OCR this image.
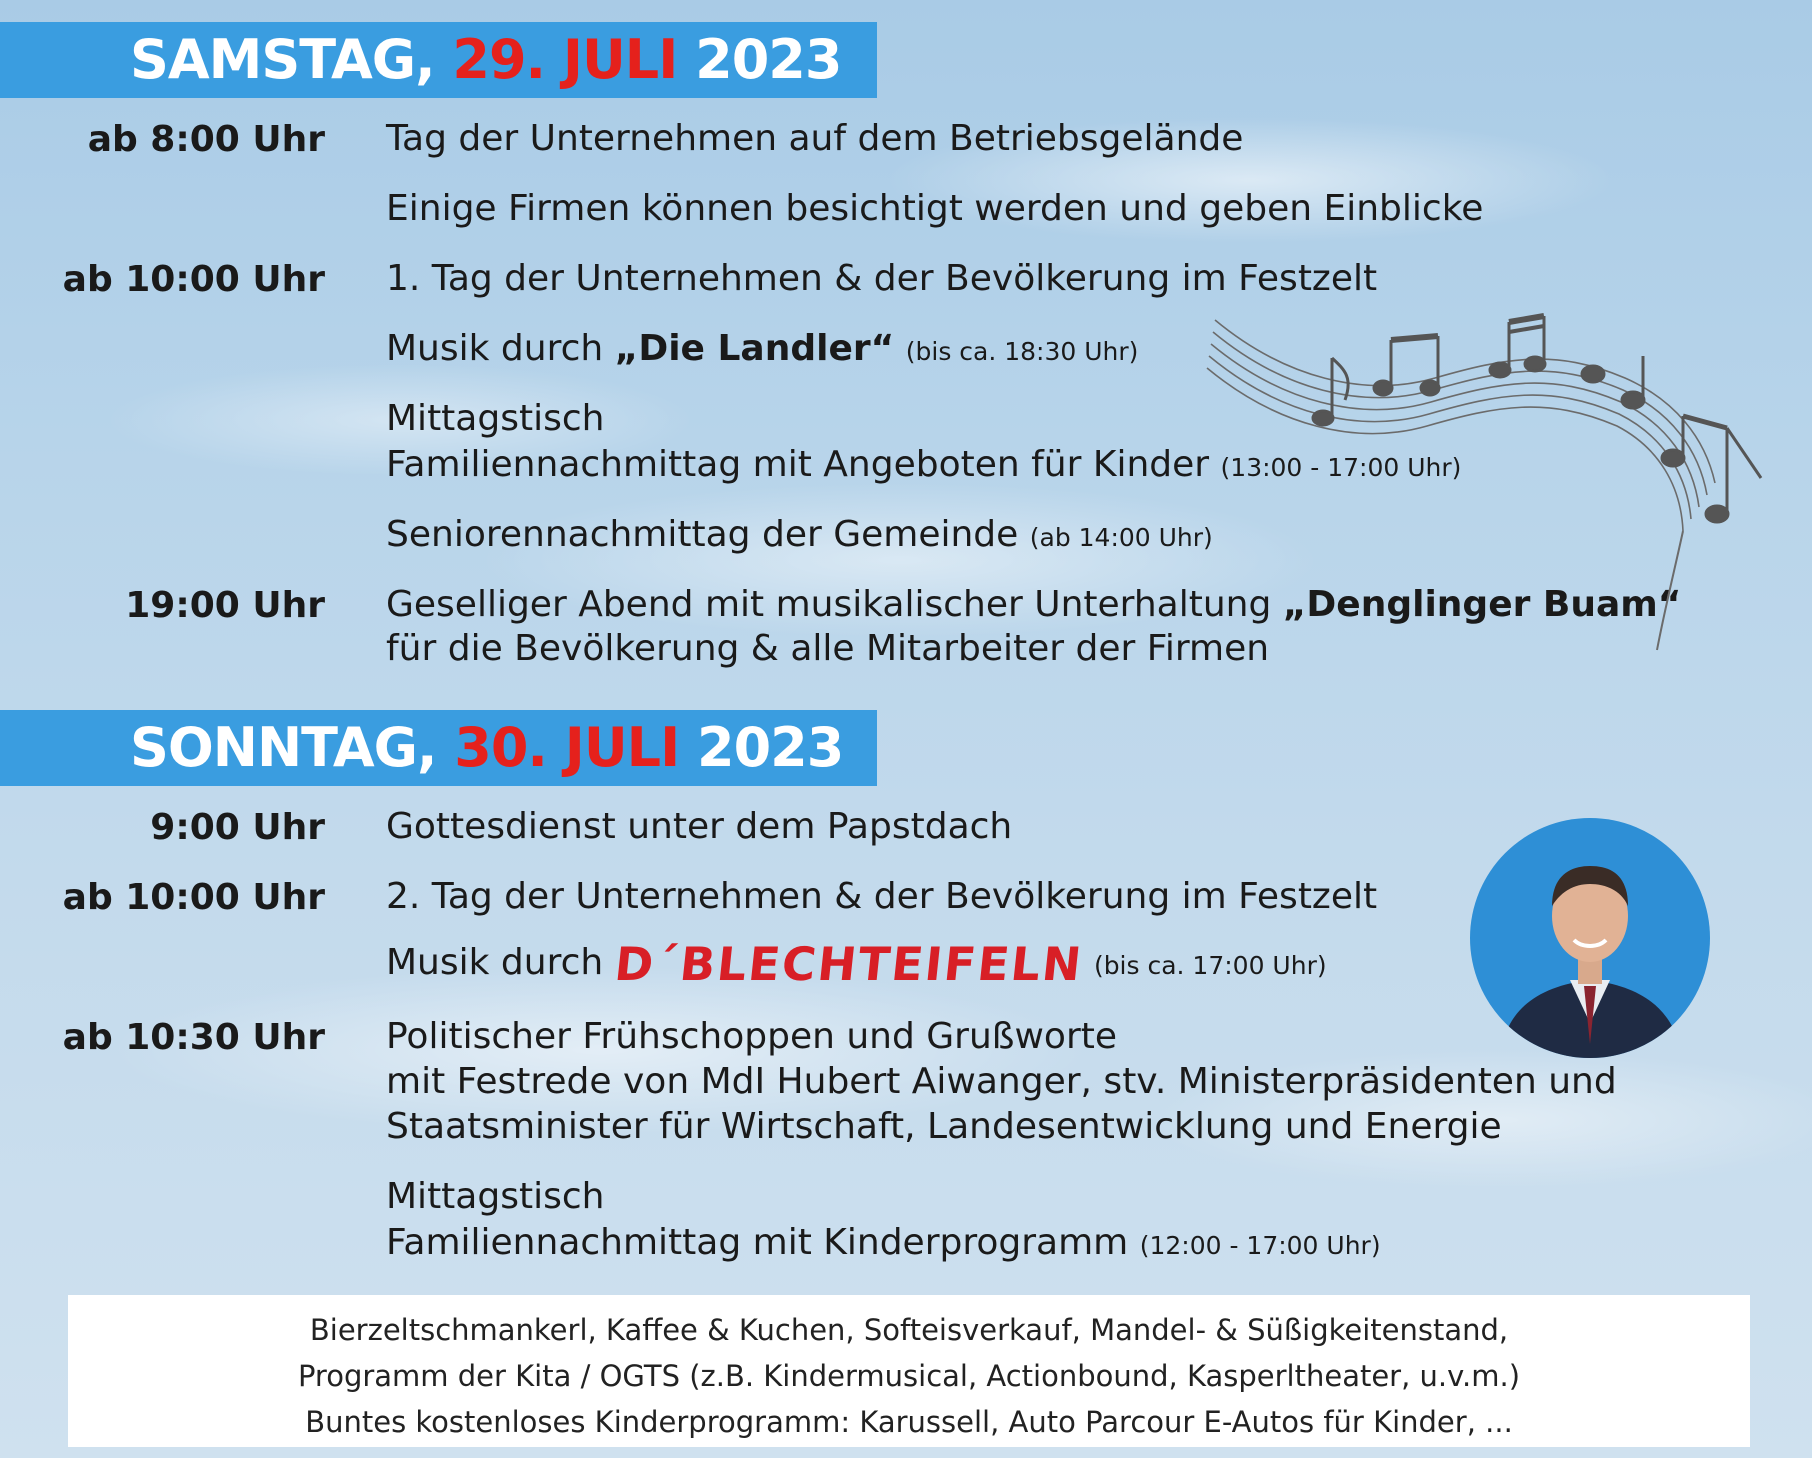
SAMSTAG, 29. JULI 2023
ab 8:00 Uhr
ab 10:00 Uhr
19:00 Uhr
Tag der Unternehmen auf dem Betriebsgelände
Einige Firmen können besichtigt werden und geben Einblicke
1. Tag der Unternehmen & der Bevölkerung im Festzelt
Musik durch „Die Landler“ (bis ca. 18:30 Uhr)
Mittagstisch
Familiennachmittag mit Angeboten für Kinder (13:00 - 17:00 Uhr)
Seniorennachmittag der Gemeinde (ab 14:00 Uhr)
Geselliger Abend mit musikalischer Unterhaltung „Denglinger Buam“
für die Bevölkerung & alle Mitarbeiter der Firmen
SONNTAG, 30. JULI 2023
9:00 Uhr
ab 10:00 Uhr
ab 10:30 Uhr
Gottesdienst unter dem Papstdach
2. Tag der Unternehmen & der Bevölkerung im Festzelt
Musik durch D´BLECHTEIFELN (bis ca. 17:00 Uhr)
Politischer Frühschoppen und Grußworte
mit Festrede von MdI Hubert Aiwanger, stv. Ministerpräsidenten und
Staatsminister für Wirtschaft, Landesentwicklung und Energie
Mittagstisch
Familiennachmittag mit Kinderprogramm (12:00 - 17:00 Uhr)
Bierzeltschmankerl, Kaffee & Kuchen, Softeisverkauf, Mandel- & Süßigkeitenstand,
Programm der Kita / OGTS (z.B. Kindermusical, Actionbound, Kasperltheater, u.v.m.)
Buntes kostenloses Kinderprogramm: Karussell, Auto Parcour E-Autos für Kinder, ...
